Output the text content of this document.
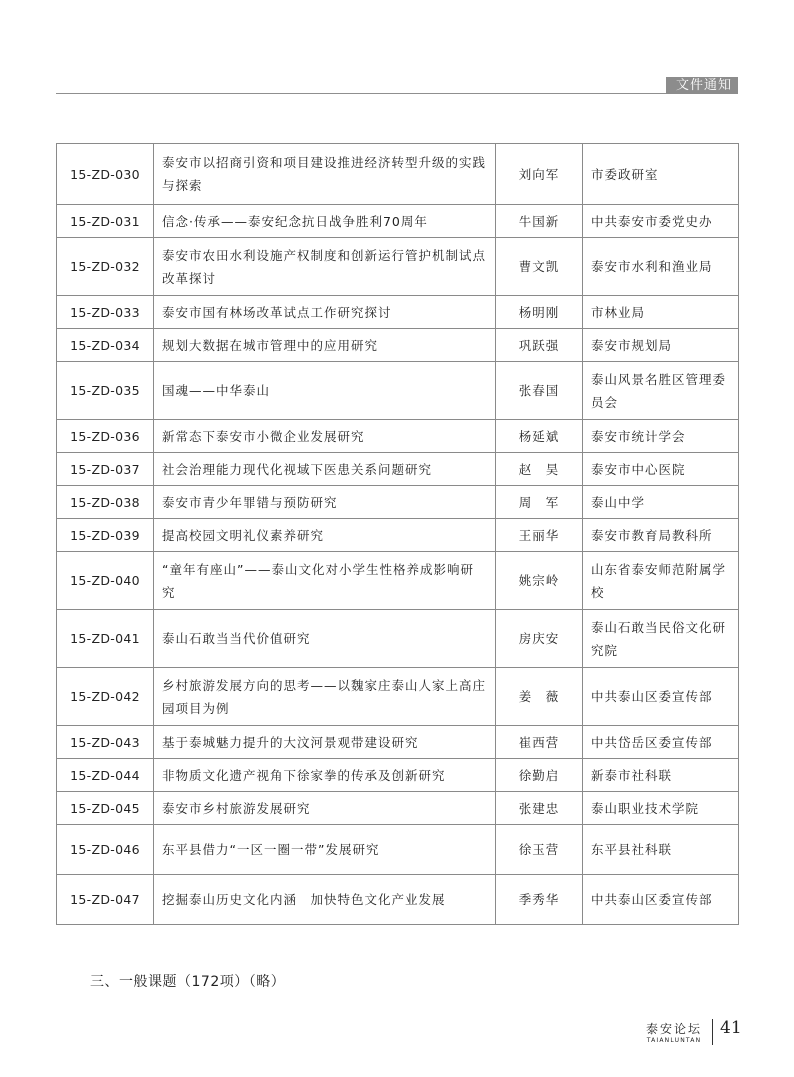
文件通知
15-ZD-030	泰安市以招商引资和项目建设推进经济转型升级的实践与探索	刘向军	市委政研室
15-ZD-031	信念·传承——泰安纪念抗日战争胜利70周年	牛国新	中共泰安市委党史办
15-ZD-032	泰安市农田水利设施产权制度和创新运行管护机制试点改革探讨	曹文凯	泰安市水利和渔业局
15-ZD-033	泰安市国有林场改革试点工作研究探讨	杨明刚	市林业局
15-ZD-034	规划大数据在城市管理中的应用研究	巩跃强	泰安市规划局
15-ZD-035	国魂——中华泰山	张春国	泰山风景名胜区管理委员会
15-ZD-036	新常态下泰安市小微企业发展研究	杨延斌	泰安市统计学会
15-ZD-037	社会治理能力现代化视域下医患关系问题研究	赵　昊	泰安市中心医院
15-ZD-038	泰安市青少年罪错与预防研究	周　军	泰山中学
15-ZD-039	提高校园文明礼仪素养研究	王丽华	泰安市教育局教科所
15-ZD-040	“童年有座山”——泰山文化对小学生性格养成影响研究	姚宗岭	山东省泰安师范附属学校
15-ZD-041	泰山石敢当当代价值研究	房庆安	泰山石敢当民俗文化研究院
15-ZD-042	乡村旅游发展方向的思考——以魏家庄泰山人家上高庄园项目为例	姜　薇	中共泰山区委宣传部
15-ZD-043	基于泰城魅力提升的大汶河景观带建设研究	崔西营	中共岱岳区委宣传部
15-ZD-044	非物质文化遗产视角下徐家拳的传承及创新研究	徐勤启	新泰市社科联
15-ZD-045	泰安市乡村旅游发展研究	张建忠	泰山职业技术学院
15-ZD-046	东平县借力“一区一圈一带”发展研究	徐玉营	东平县社科联
15-ZD-047	挖掘泰山历史文化内涵　加快特色文化产业发展	季秀华	中共泰山区委宣传部
三、一般课题（172项）（略）
泰安论坛
TAIANLUNTAN
41
